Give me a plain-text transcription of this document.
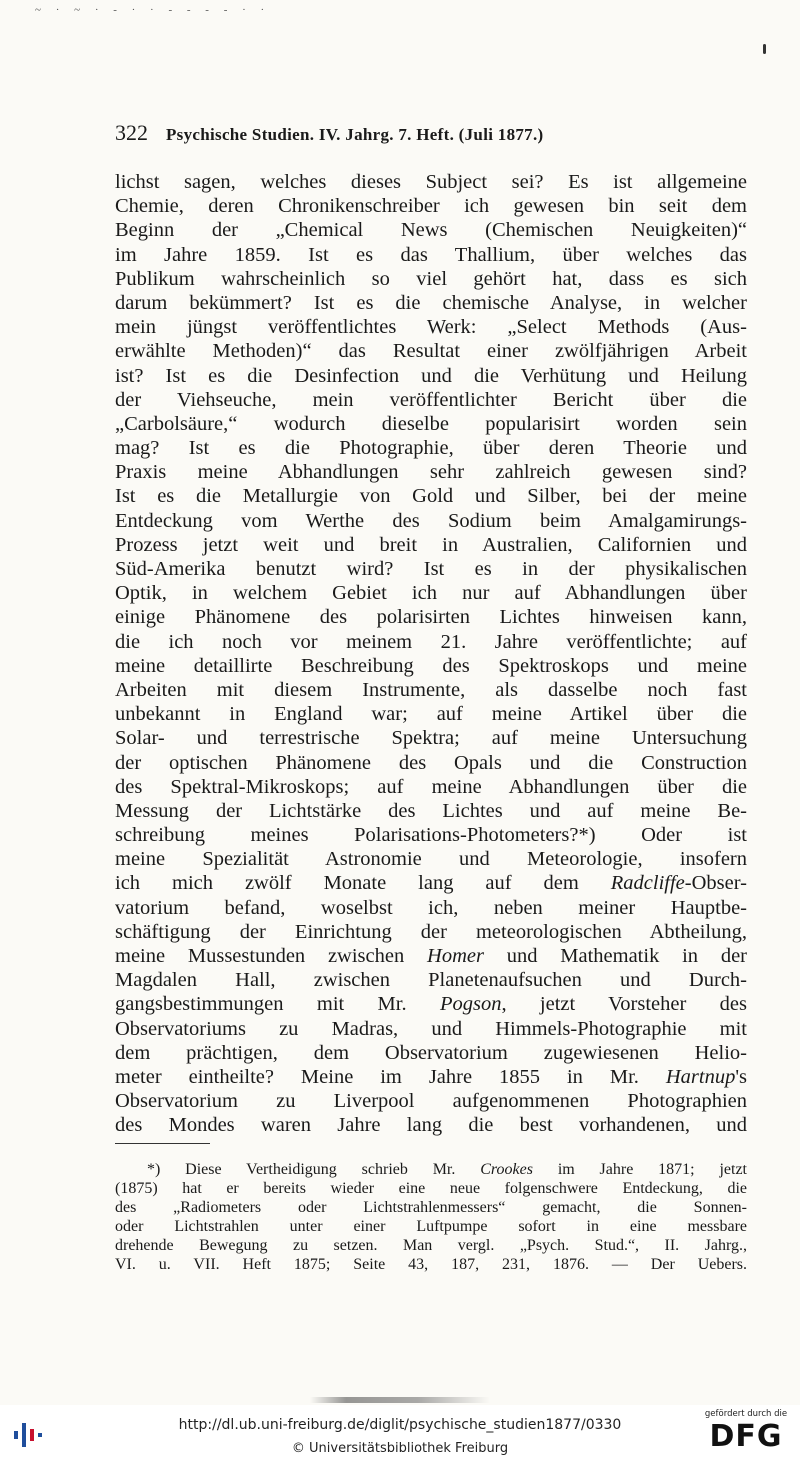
~ · ~ · - · · - - - - · ·
322 Psychische Studien. IV. Jahrg. 7. Heft. (Juli 1877.)
lichst sagen, welches dieses Subject sei? Es ist allgemeine
Chemie, deren Chronikenschreiber ich gewesen bin seit dem
Beginn der „Chemical News (Chemischen Neuigkeiten)“
im Jahre 1859. Ist es das Thallium, über welches das
Publikum wahrscheinlich so viel gehört hat, dass es sich
darum bekümmert? Ist es die chemische Analyse, in welcher
mein jüngst veröffentlichtes Werk: „Select Methods (Aus-
erwählte Methoden)“ das Resultat einer zwölfjährigen Arbeit
ist? Ist es die Desinfection und die Verhütung und Heilung
der Viehseuche, mein veröffentlichter Bericht über die
„Carbolsäure,“ wodurch dieselbe popularisirt worden sein
mag? Ist es die Photographie, über deren Theorie und
Praxis meine Abhandlungen sehr zahlreich gewesen sind?
Ist es die Metallurgie von Gold und Silber, bei der meine
Entdeckung vom Werthe des Sodium beim Amalgamirungs-
Prozess jetzt weit und breit in Australien, Californien und
Süd-Amerika benutzt wird? Ist es in der physikalischen
Optik, in welchem Gebiet ich nur auf Abhandlungen über
einige Phänomene des polarisirten Lichtes hinweisen kann,
die ich noch vor meinem 21. Jahre veröffentlichte; auf
meine detaillirte Beschreibung des Spektroskops und meine
Arbeiten mit diesem Instrumente, als dasselbe noch fast
unbekannt in England war; auf meine Artikel über die
Solar- und terrestrische Spektra; auf meine Untersuchung
der optischen Phänomene des Opals und die Construction
des Spektral-Mikroskops; auf meine Abhandlungen über die
Messung der Lichtstärke des Lichtes und auf meine Be-
schreibung meines Polarisations-Photometers?*) Oder ist
meine Spezialität Astronomie und Meteorologie, insofern
ich mich zwölf Monate lang auf dem Radcliffe-Obser-
vatorium befand, woselbst ich, neben meiner Hauptbe-
schäftigung der Einrichtung der meteorologischen Abtheilung,
meine Mussestunden zwischen Homer und Mathematik in der
Magdalen Hall, zwischen Planetenaufsuchen und Durch-
gangsbestimmungen mit Mr. Pogson, jetzt Vorsteher des
Observatoriums zu Madras, und Himmels-Photographie mit
dem prächtigen, dem Observatorium zugewiesenen Helio-
meter eintheilte? Meine im Jahre 1855 in Mr. Hartnup's
Observatorium zu Liverpool aufgenommenen Photographien
des Mondes waren Jahre lang die best vorhandenen, und
*) Diese Vertheidigung schrieb Mr. Crookes im Jahre 1871; jetzt
(1875) hat er bereits wieder eine neue folgenschwere Entdeckung, die
des „Radiometers oder Lichtstrahlenmessers“ gemacht, die Sonnen-
oder Lichtstrahlen unter einer Luftpumpe sofort in eine messbare
drehende Bewegung zu setzen. Man vergl. „Psych. Stud.“, II. Jahrg.,
VI. u. VII. Heft 1875; Seite 43, 187, 231, 1876. — Der Uebers.
http://dl.ub.uni-freiburg.de/diglit/psychische_studien1877/0330
© Universitätsbibliothek Freiburg
gefördert durch die
DFG
